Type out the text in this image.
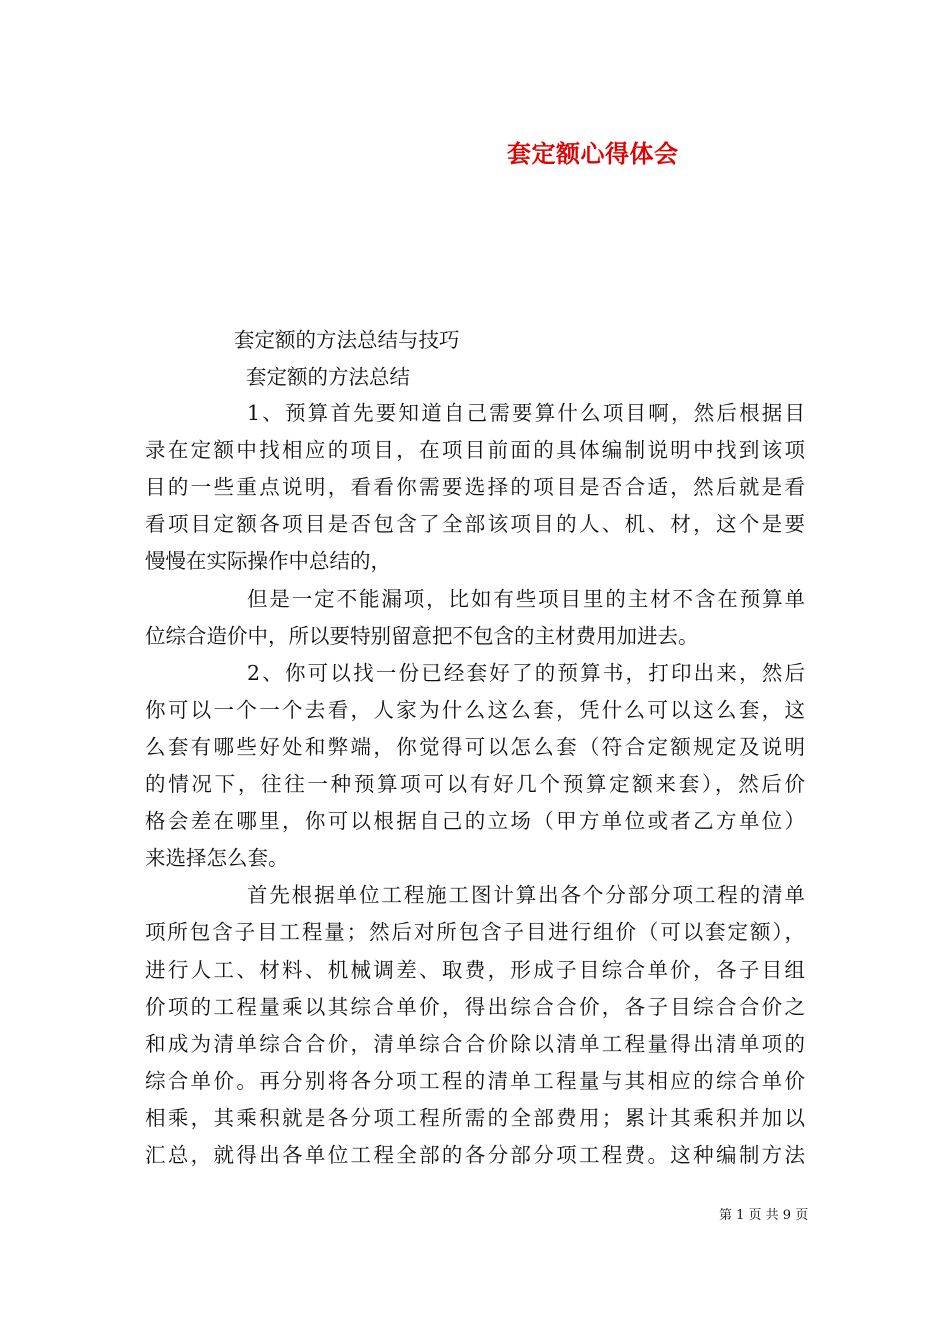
套定额心得体会
套定额的方法总结与技巧
套定额的方法总结
1、预算首先要知道自己需要算什么项目啊，然后根据目
录在定额中找相应的项目，在项目前面的具体编制说明中找到该项
目的一些重点说明，看看你需要选择的项目是否合适，然后就是看
看项目定额各项目是否包含了全部该项目的人、机、材，这个是要
慢慢在实际操作中总结的，
但是一定不能漏项，比如有些项目里的主材不含在预算单
位综合造价中，所以要特别留意把不包含的主材费用加进去。
2、你可以找一份已经套好了的预算书，打印出来，然后
你可以一个一个去看，人家为什么这么套，凭什么可以这么套，这
么套有哪些好处和弊端，你觉得可以怎么套（符合定额规定及说明
的情况下，往往一种预算项可以有好几个预算定额来套），然后价
格会差在哪里，你可以根据自己的立场（甲方单位或者乙方单位）
来选择怎么套。
首先根据单位工程施工图计算出各个分部分项工程的清单
项所包含子目工程量；然后对所包含子目进行组价（可以套定额），
进行人工、材料、机械调差、取费，形成子目综合单价，各子目组
价项的工程量乘以其综合单价，得出综合合价，各子目综合合价之
和成为清单综合合价，清单综合合价除以清单工程量得出清单项的
综合单价。再分别将各分项工程的清单工程量与其相应的综合单价
相乘，其乘积就是各分项工程所需的全部费用；累计其乘积并加以
汇总，就得出各单位工程全部的各分部分项工程费。这种编制方法
第 1 页 共 9 页
